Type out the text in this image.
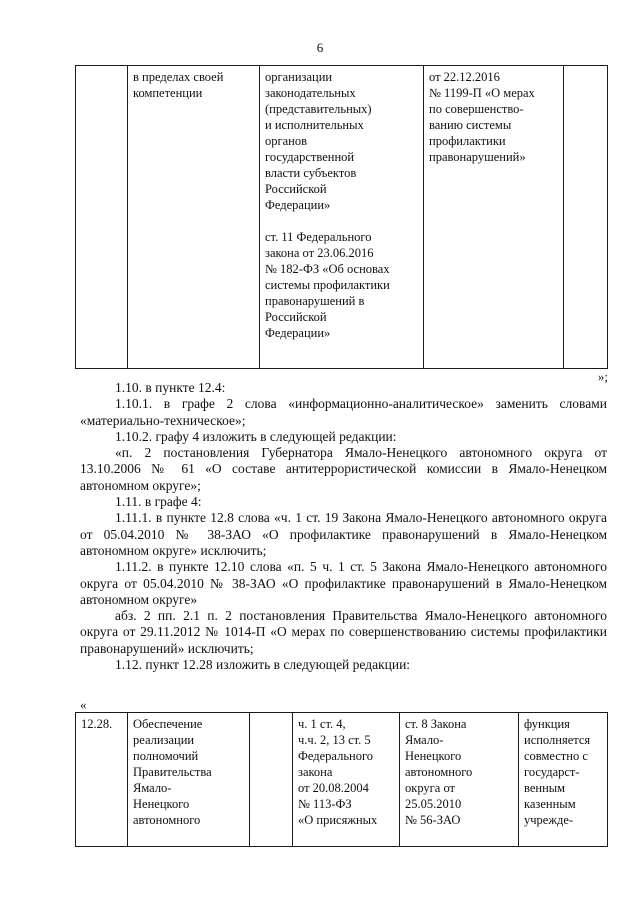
6
	в пределах своей
компетенции	организации
законодательных
(представительных)
и исполнительных
органов
государственной
власти субъектов
Российской
Федерации»

ст. 11 Федерального
закона от 23.06.2016
№ 182-ФЗ «Об основах
системы профилактики
правонарушений в
Российской
Федерации»	от 22.12.2016
№ 1199-П «О мерах
по совершенство-
ванию системы
профилактики
правонарушений»	
»;

1.10. в пункте 12.4:

1.10.1. в графе 2 слова «информационно-аналитическое» заменить словами «материально-техническое»;

1.10.2. графу 4 изложить в следующей редакции:

«п. 2 постановления Губернатора Ямало-Ненецкого автономного округа от 13.10.2006 № 61 «О составе антитеррористической комиссии в Ямало-Ненецком автономном округе»;

1.11. в графе 4:

1.11.1. в пункте 12.8 слова «ч. 1 ст. 19 Закона Ямало-Ненецкого автономного округа от 05.04.2010 № 38-ЗАО «О профилактике правонарушений в Ямало-Ненецком автономном округе» исключить;

1.11.2. в пункте 12.10 слова «п. 5 ч. 1 ст. 5 Закона Ямало-Ненецкого автономного округа от 05.04.2010 № 38-ЗАО «О профилактике правонарушений в Ямало-Ненецком автономном округе»

абз. 2 пп. 2.1 п. 2 постановления Правительства Ямало-Ненецкого автономного округа от 29.11.2012 № 1014-П «О мерах по совершенствованию системы профилактики правонарушений» исключить;

1.12. пункт 12.28 изложить в следующей редакции:

«
12.28.	Обеспечение
реализации
полномочий
Правительства
Ямало-
Ненецкого
автономного		ч. 1 ст. 4,
ч.ч. 2, 13 ст. 5
Федерального
закона
от 20.08.2004
№ 113-ФЗ
«О присяжных	ст. 8 Закона
Ямало-
Ненецкого
автономного
округа от
25.05.2010
№ 56-ЗАО	функция
исполняется
совместно с
государст-
венным
казенным
учрежде-
